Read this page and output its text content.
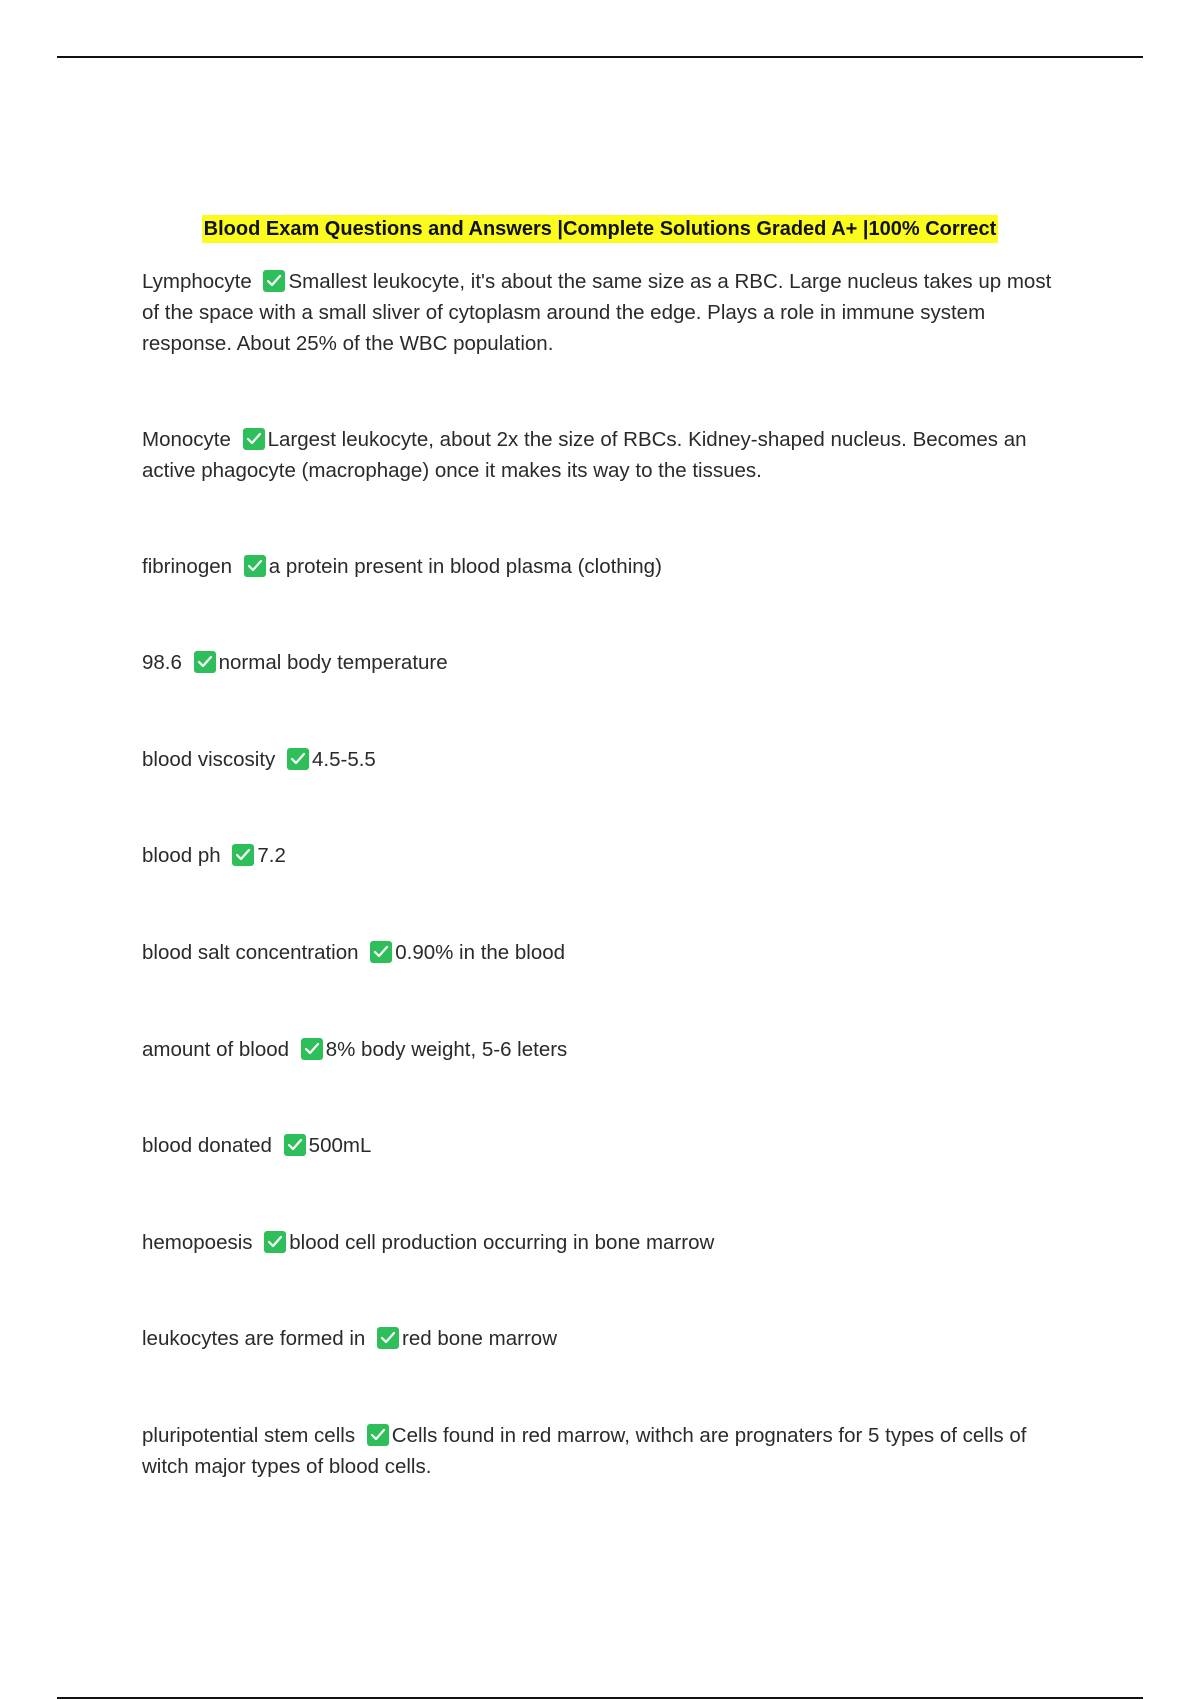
Blood Exam Questions and Answers |Complete Solutions Graded A+ |100% Correct
Lymphocyte Smallest leukocyte, it's about the same size as a RBC. Large nucleus takes up most of the space with a small sliver of cytoplasm around the edge. Plays a role in immune system response. About 25% of the WBC population.
Monocyte Largest leukocyte, about 2x the size of RBCs. Kidney-shaped nucleus. Becomes an active phagocyte (macrophage) once it makes its way to the tissues.
fibrinogen a protein present in blood plasma (clothing)
98.6 normal body temperature
blood viscosity 4.5-5.5
blood ph 7.2
blood salt concentration 0.90% in the blood
amount of blood 8% body weight, 5-6 leters
blood donated 500mL
hemopoesis blood cell production occurring in bone marrow
leukocytes are formed in red bone marrow
pluripotential stem cells Cells found in red marrow, withch are prognaters for 5 types of cells of witch major types of blood cells.
